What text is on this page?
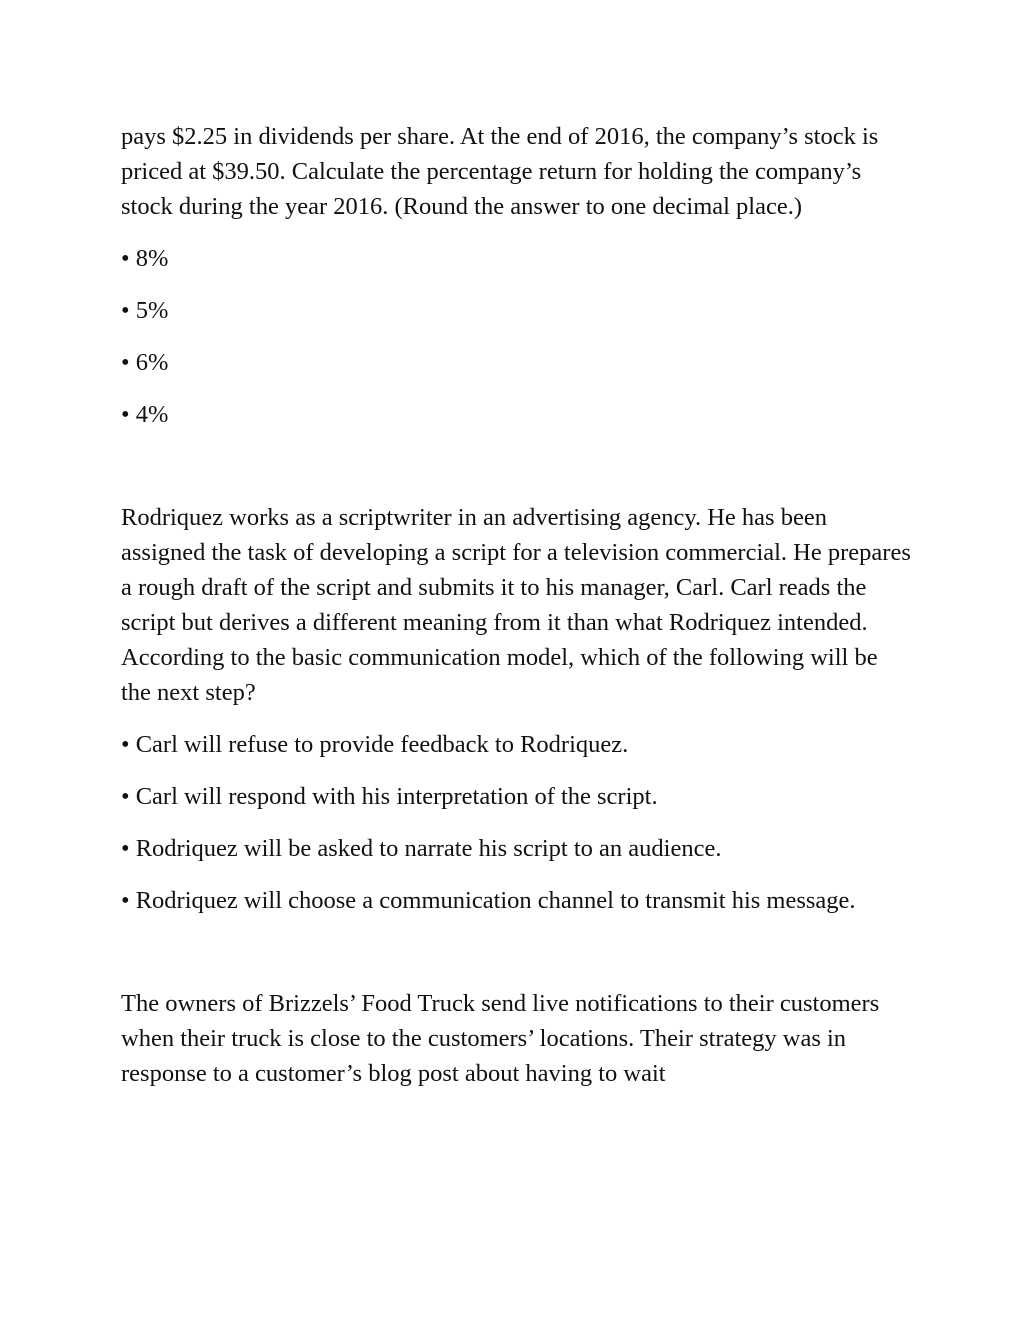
pays $2.25 in dividends per share. At the end of 2016, the company’s stock is priced at $39.50. Calculate the percentage return for holding the company’s stock during the year 2016. (Round the answer to one decimal place.)

• 8%

• 5%

• 6%

• 4%

Rodriquez works as a scriptwriter in an advertising agency. He has been assigned the task of developing a script for a television commercial. He prepares a rough draft of the script and submits it to his manager, Carl. Carl reads the script but derives a different meaning from it than what Rodriquez intended. According to the basic communication model, which of the following will be the next step?

• Carl will refuse to provide feedback to Rodriquez.

• Carl will respond with his interpretation of the script.

• Rodriquez will be asked to narrate his script to an audience.

• Rodriquez will choose a communication channel to transmit his message.

The owners of Brizzels’ Food Truck send live notifications to their customers when their truck is close to the customers’ locations. Their strategy was in response to a customer’s blog post about having to wait
